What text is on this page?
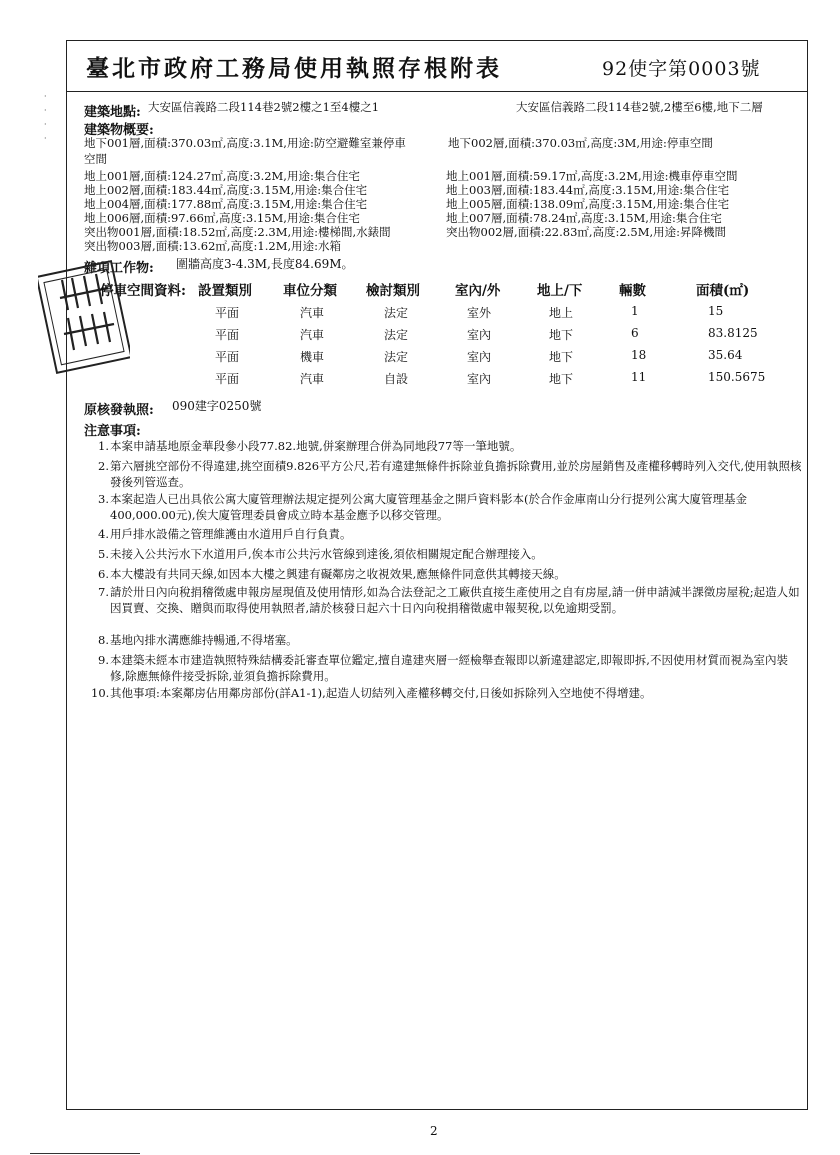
臺北市政府工務局使用執照存根附表	92使字第0003號
·
·
·
·
建築地點: 大安區信義路二段114巷2號2樓之1至4樓之1	大安區信義路二段114巷2號,2樓至6樓,地下二層
建築物概要:
地下001層,面積:370.03㎡,高度:3.1M,用途:防空避難室兼停車	地下002層,面積:370.03㎡,高度:3M,用途:停車空間
空間
地上001層,面積:124.27㎡,高度:3.2M,用途:集合住宅
地上002層,面積:183.44㎡,高度:3.15M,用途:集合住宅
地上004層,面積:177.88㎡,高度:3.15M,用途:集合住宅
地上006層,面積:97.66㎡,高度:3.15M,用途:集合住宅
突出物001層,面積:18.52㎡,高度:2.3M,用途:樓梯間,水錶間
突出物003層,面積:13.62㎡,高度:1.2M,用途:水箱
地上001層,面積:59.17㎡,高度:3.2M,用途:機車停車空間
地上003層,面積:183.44㎡,高度:3.15M,用途:集合住宅
地上005層,面積:138.09㎡,高度:3.15M,用途:集合住宅
地上007層,面積:78.24㎡,高度:3.15M,用途:集合住宅
突出物002層,面積:22.83㎡,高度:2.5M,用途:昇降機間
雜項工作物: 圍牆高度3-4.3M,長度84.69M。
停車空間資料: 設置類別 車位分類 檢討類別	室內/外	地上/下	輛數	面積(㎡)
平面	汽車	法定	室外	地上	1	15
平面	汽車	法定	室內	地下	6	83.8125
平面	機車	法定	室內	地下	18	35.64
平面	汽車	自設	室內	地下	11	150.5675
原核發執照: 090建字0250號
注意事項:
1. 本案申請基地原金華段參小段77.82.地號,併案辦理合併為同地段77等一筆地號。
2. 第六層挑空部份不得違建,挑空面積9.826平方公尺,若有違建無條件拆除並負擔拆除費用,並於房屋銷售及產權移轉時列入交代,使用執照核發後列管巡查。
3. 本案起造人已出具依公寓大廈管理辦法規定提列公寓大廈管理基金之開戶資料影本(於合作金庫南山分行提列公寓大廈管理基金400,000.00元),俟大廈管理委員會成立時本基金應予以移交管理。
4. 用戶排水設備之管理維護由水道用戶自行負責。
5. 未接入公共污水下水道用戶,俟本市公共污水管線到達後,須依相關規定配合辦理接入。
6. 本大樓設有共同天線,如因本大樓之興建有礙鄰房之收視效果,應無條件同意供其轉接天線。
7. 請於卅日內向稅捐稽徵處申報房屋現值及使用情形,如為合法登記之工廠供直接生產使用之自有房屋,請一併申請減半課徵房屋稅;起造人如因買賣、交換、贈與而取得使用執照者,請於核發日起六十日內向稅捐稽徵處申報契稅,以免逾期受罰。
8. 基地內排水溝應維持暢通,不得堵塞。
9. 本建築未經本市建造執照特殊結構委託審查單位鑑定,擅自違建夾層一經檢舉查報即以新違建認定,即報即拆,不因使用材質而視為室內裝修,除應無條件接受拆除,並須負擔拆除費用。
10. 其他事項:本案鄰房佔用鄰房部份(詳A1-1),起造人切結列入產權移轉交付,日後如拆除列入空地使不得增建。
2
